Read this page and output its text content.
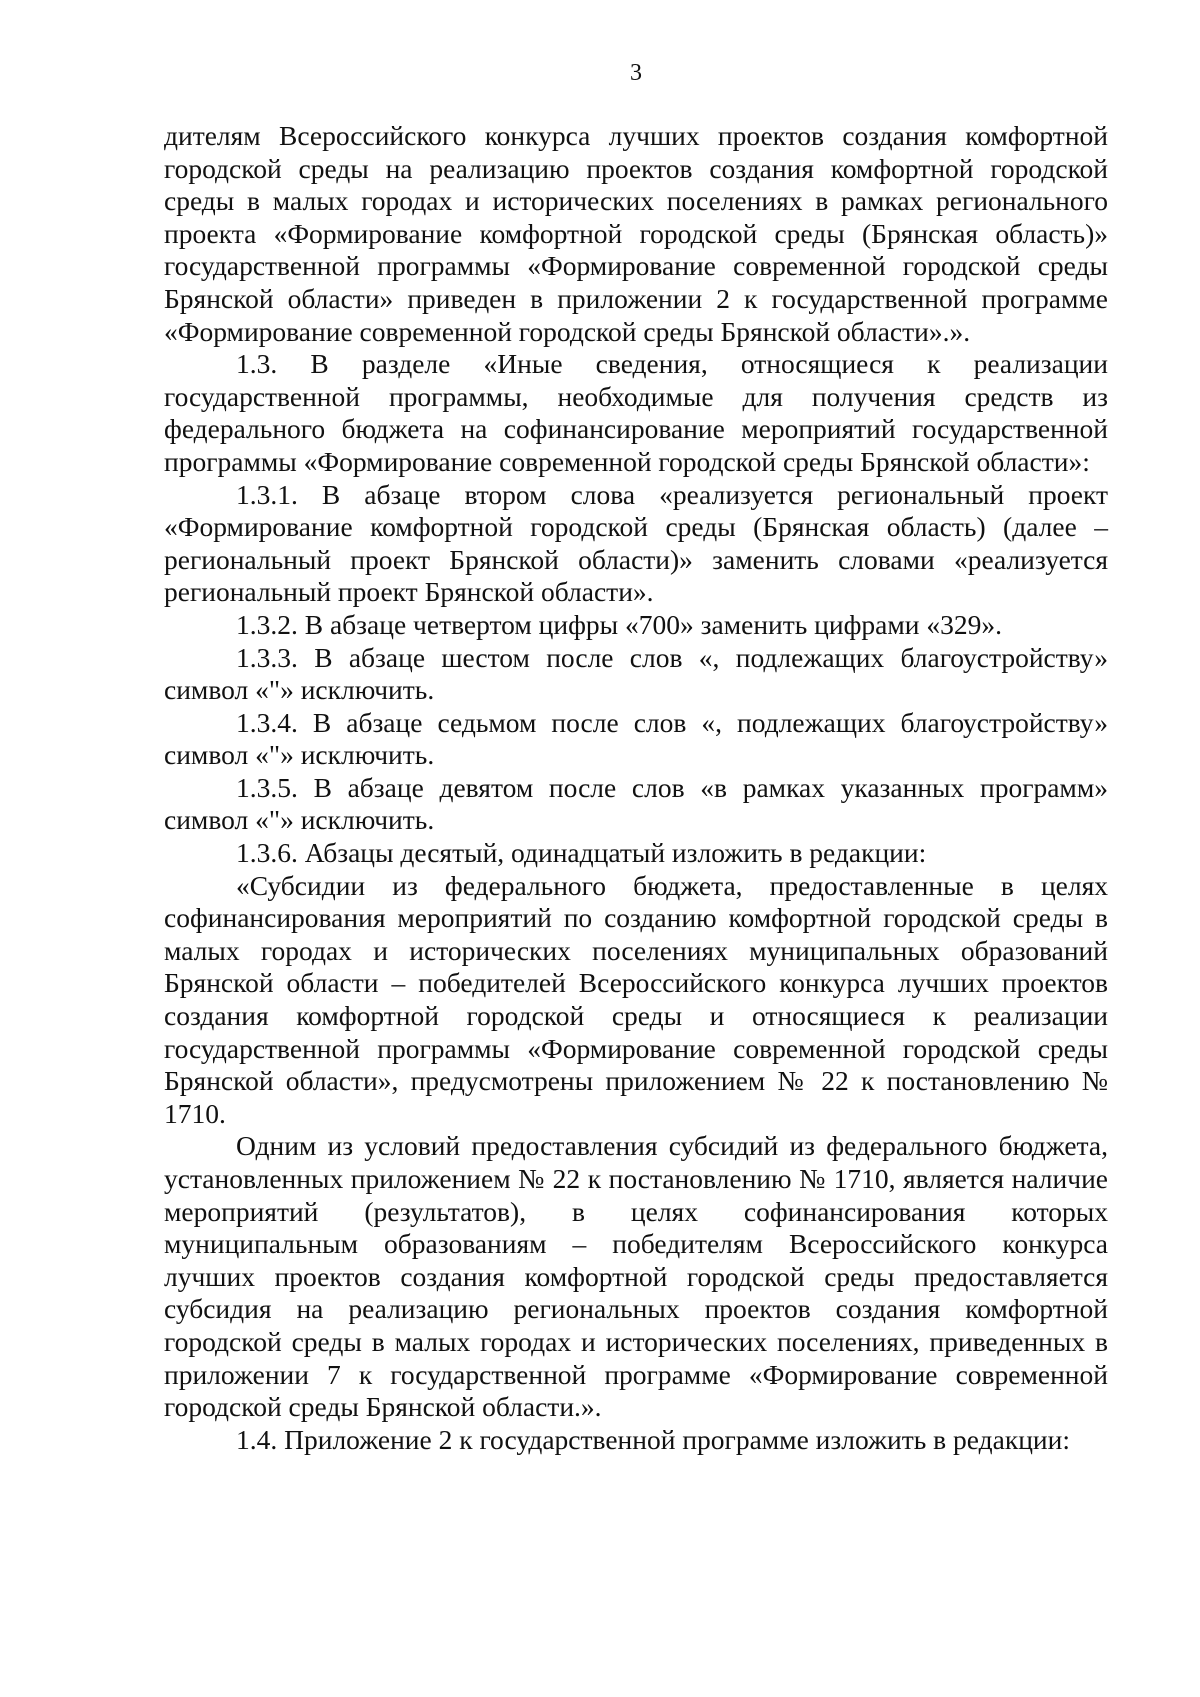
3

дителям Всероссийского конкурса лучших проектов создания комфортной городской среды на реализацию проектов создания комфортной городской среды в малых городах и исторических поселениях в рамках регионального проекта «Формирование комфортной городской среды (Брянская область)» государственной программы «Формирование современной городской среды Брянской области» приведен в приложении 2 к государственной программе «Формирование современной городской среды Брянской области».».

1.3. В разделе «Иные сведения, относящиеся к реализации государственной программы, необходимые для получения средств из федерального бюджета на софинансирование мероприятий государственной программы «Формирование современной городской среды Брянской области»:

1.3.1. В абзаце втором слова «реализуется региональный проект «Формирование комфортной городской среды (Брянская область) (далее – региональный проект Брянской области)» заменить словами «реализуется региональный проект Брянской области».

1.3.2. В абзаце четвертом цифры «700» заменить цифрами «329».

1.3.3. В абзаце шестом после слов «, подлежащих благоустройству» символ «"» исключить.

1.3.4. В абзаце седьмом после слов «, подлежащих благоустройству» символ «"» исключить.

1.3.5. В абзаце девятом после слов «в рамках указанных программ» символ «"» исключить.

1.3.6. Абзацы десятый, одинадцатый изложить в редакции:

«Субсидии из федерального бюджета, предоставленные в целях софинансирования мероприятий по созданию комфортной городской среды в малых городах и исторических поселениях муниципальных образований Брянской области – победителей Всероссийского конкурса лучших проектов создания комфортной городской среды и относящиеся к реализации государственной программы «Формирование современной городской среды Брянской области», предусмотрены приложением № 22 к постановлению № 1710.

Одним из условий предоставления субсидий из федерального бюджета, установленных приложением № 22 к постановлению № 1710, является наличие мероприятий (результатов), в целях софинансирования которых муниципальным образованиям – победителям Всероссийского конкурса лучших проектов создания комфортной городской среды предоставляется субсидия на реализацию региональных проектов создания комфортной городской среды в малых городах и исторических поселениях, приведенных в приложении 7 к государственной программе «Формирование современной городской среды Брянской области.».

1.4. Приложение 2 к государственной программе изложить в редакции:
